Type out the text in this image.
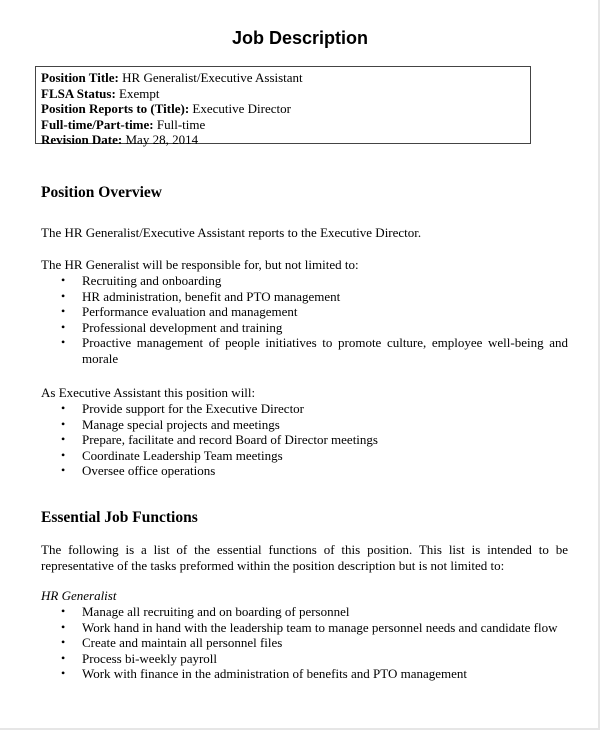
Job Description
Position Title: HR Generalist/Executive Assistant
FLSA Status: Exempt
Position Reports to (Title): Executive Director
Full-time/Part-time: Full-time
Revision Date: May 28, 2014
Position Overview
The HR Generalist/Executive Assistant reports to the Executive Director.
The HR Generalist will be responsible for, but not limited to:
• Recruiting and onboarding
• HR administration, benefit and PTO management
• Performance evaluation and management
• Professional development and training
• Proactive management of people initiatives to promote culture, employee well-being and morale
As Executive Assistant this position will:
• Provide support for the Executive Director
• Manage special projects and meetings
• Prepare, facilitate and record Board of Director meetings
• Coordinate Leadership Team meetings
• Oversee office operations
Essential Job Functions
The following is a list of the essential functions of this position. This list is intended to be representative of the tasks preformed within the position description but is not limited to:
HR Generalist
• Manage all recruiting and on boarding of personnel
• Work hand in hand with the leadership team to manage personnel needs and candidate flow
• Create and maintain all personnel files
• Process bi-weekly payroll
• Work with finance in the administration of benefits and PTO management
